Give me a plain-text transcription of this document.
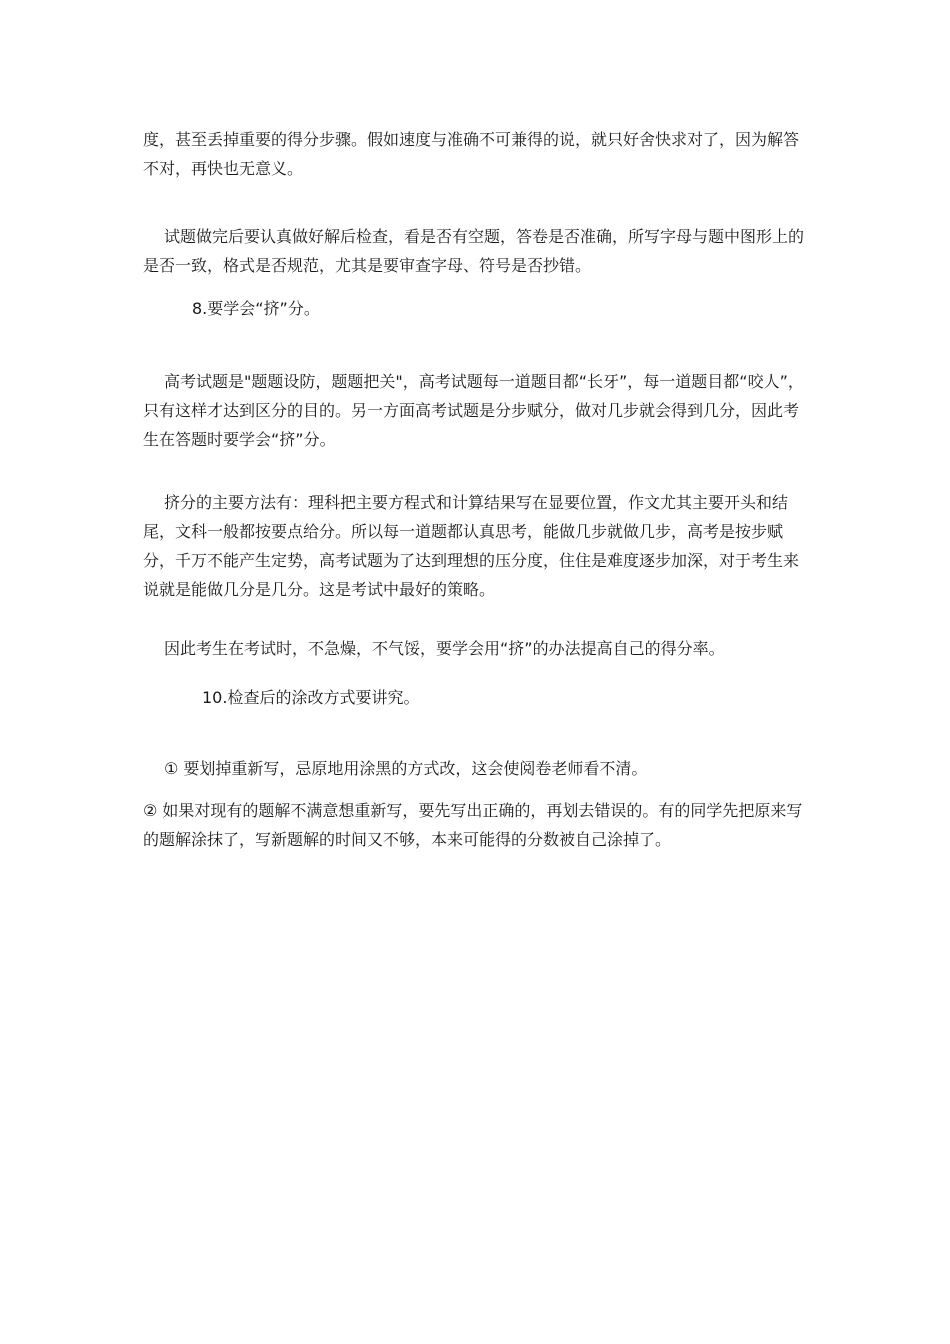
度，甚至丢掉重要的得分步骤。假如速度与准确不可兼得的说，就只好舍快求对了，因为解答不对，再快也无意义。

试题做完后要认真做好解后检查，看是否有空题，答卷是否准确，所写字母与题中图形上的是否一致，格式是否规范，尤其是要审查字母、符号是否抄错。

8.要学会“挤”分。

高考试题是"题题设防，题题把关"，高考试题每一道题目都“长牙”，每一道题目都“咬人”，只有这样才达到区分的目的。另一方面高考试题是分步赋分，做对几步就会得到几分，因此考生在答题时要学会“挤”分。

挤分的主要方法有：理科把主要方程式和计算结果写在显要位置，作文尤其主要开头和结尾，文科一般都按要点给分。所以每一道题都认真思考，能做几步就做几步，高考是按步赋分，千万不能产生定势，高考试题为了达到理想的压分度，住住是难度逐步加深，对于考生来说就是能做几分是几分。这是考试中最好的策略。

因此考生在考试时，不急燥，不气馁，要学会用“挤”的办法提高自己的得分率。

10.检查后的涂改方式要讲究。

① 要划掉重新写，忌原地用涂黑的方式改，这会使阅卷老师看不清。

② 如果对现有的题解不满意想重新写，要先写出正确的，再划去错误的。有的同学先把原来写的题解涂抹了，写新题解的时间又不够，本来可能得的分数被自己涂掉了。
